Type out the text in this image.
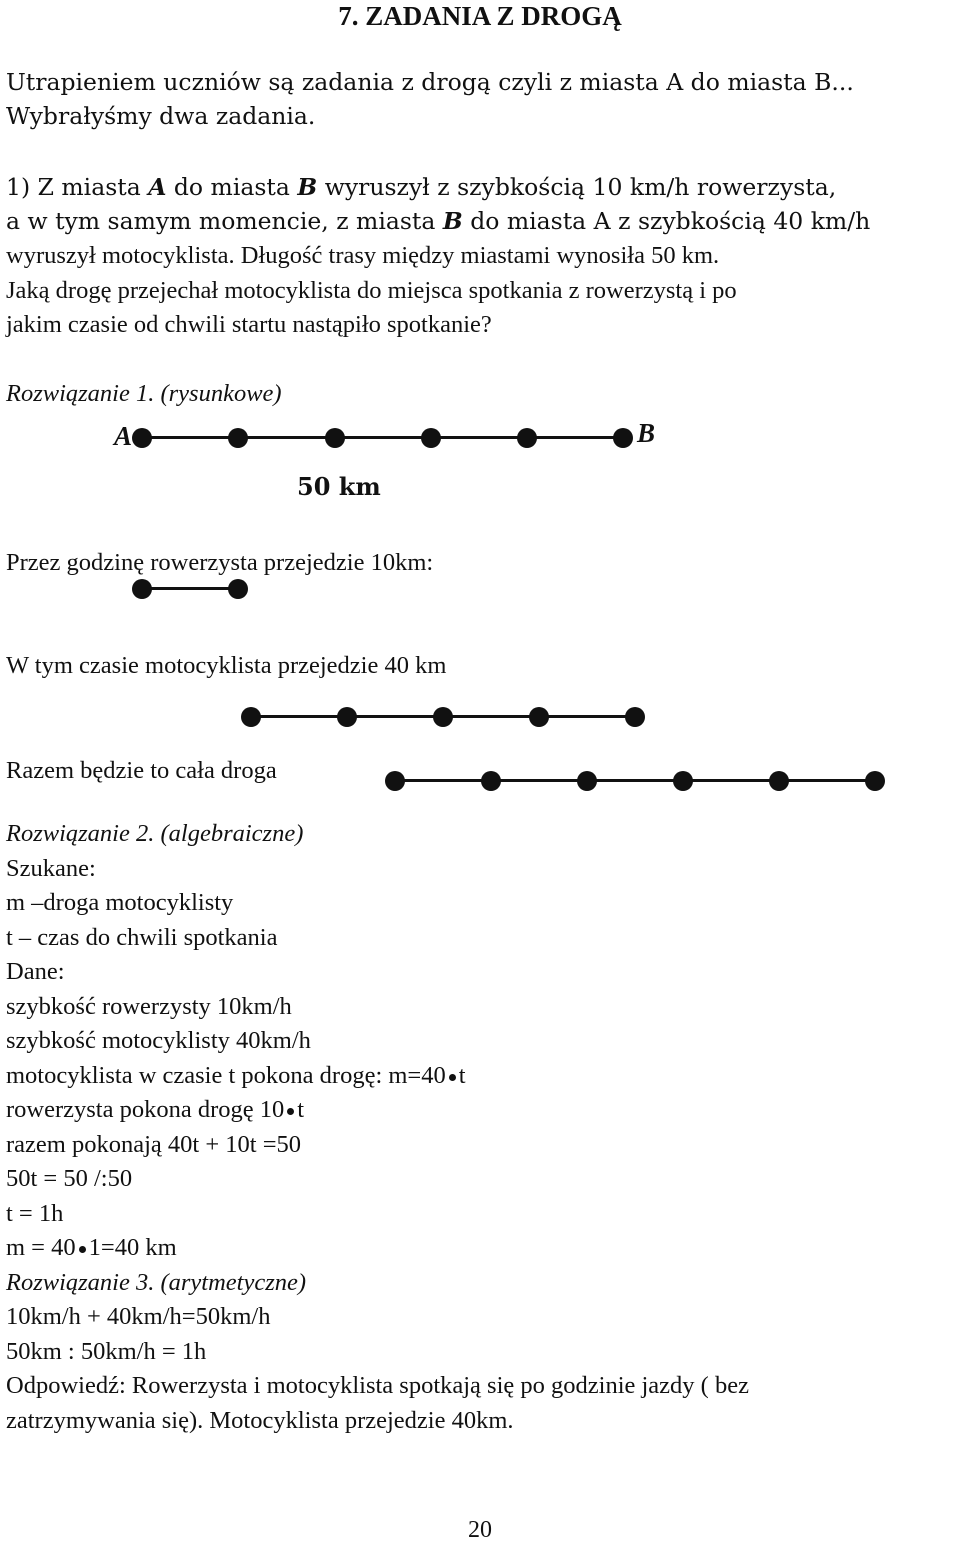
7. ZADANIA Z DROGĄ
Utrapieniem uczniów są zadania z drogą czyli z miasta A do miasta B...
Wybrałyśmy dwa zadania.
1) Z miasta A do miasta B wyruszył z szybkością 10 km/h rowerzysta,
a w tym samym momencie, z miasta B do miasta A z szybkością 40 km/h
wyruszył motocyklista. Długość trasy między miastami wynosiła 50 km.
Jaką drogę przejechał motocyklista do miejsca spotkania z rowerzystą i po
jakim czasie od chwili startu nastąpiło spotkanie?
Rozwiązanie 1. (rysunkowe)
A	B
50 km
Przez godzinę rowerzysta przejedzie 10km:
W tym czasie motocyklista przejedzie 40 km
Razem będzie to cała droga
Rozwiązanie 2. (algebraiczne)
Szukane:
m –droga motocyklisty
t – czas do chwili spotkania
Dane:
szybkość rowerzysty 10km/h
szybkość motocyklisty 40km/h
motocyklista w czasie t pokona drogę: m=40 t
rowerzysta pokona drogę 10 t
razem pokonają 40t + 10t =50
50t = 50 /:50
t = 1h
m = 40 1=40 km
Rozwiązanie 3. (arytmetyczne)
10km/h + 40km/h=50km/h
50km : 50km/h = 1h
Odpowiedź: Rowerzysta i motocyklista spotkają się po godzinie jazdy ( bez
zatrzymywania się). Motocyklista przejedzie 40km.
20
